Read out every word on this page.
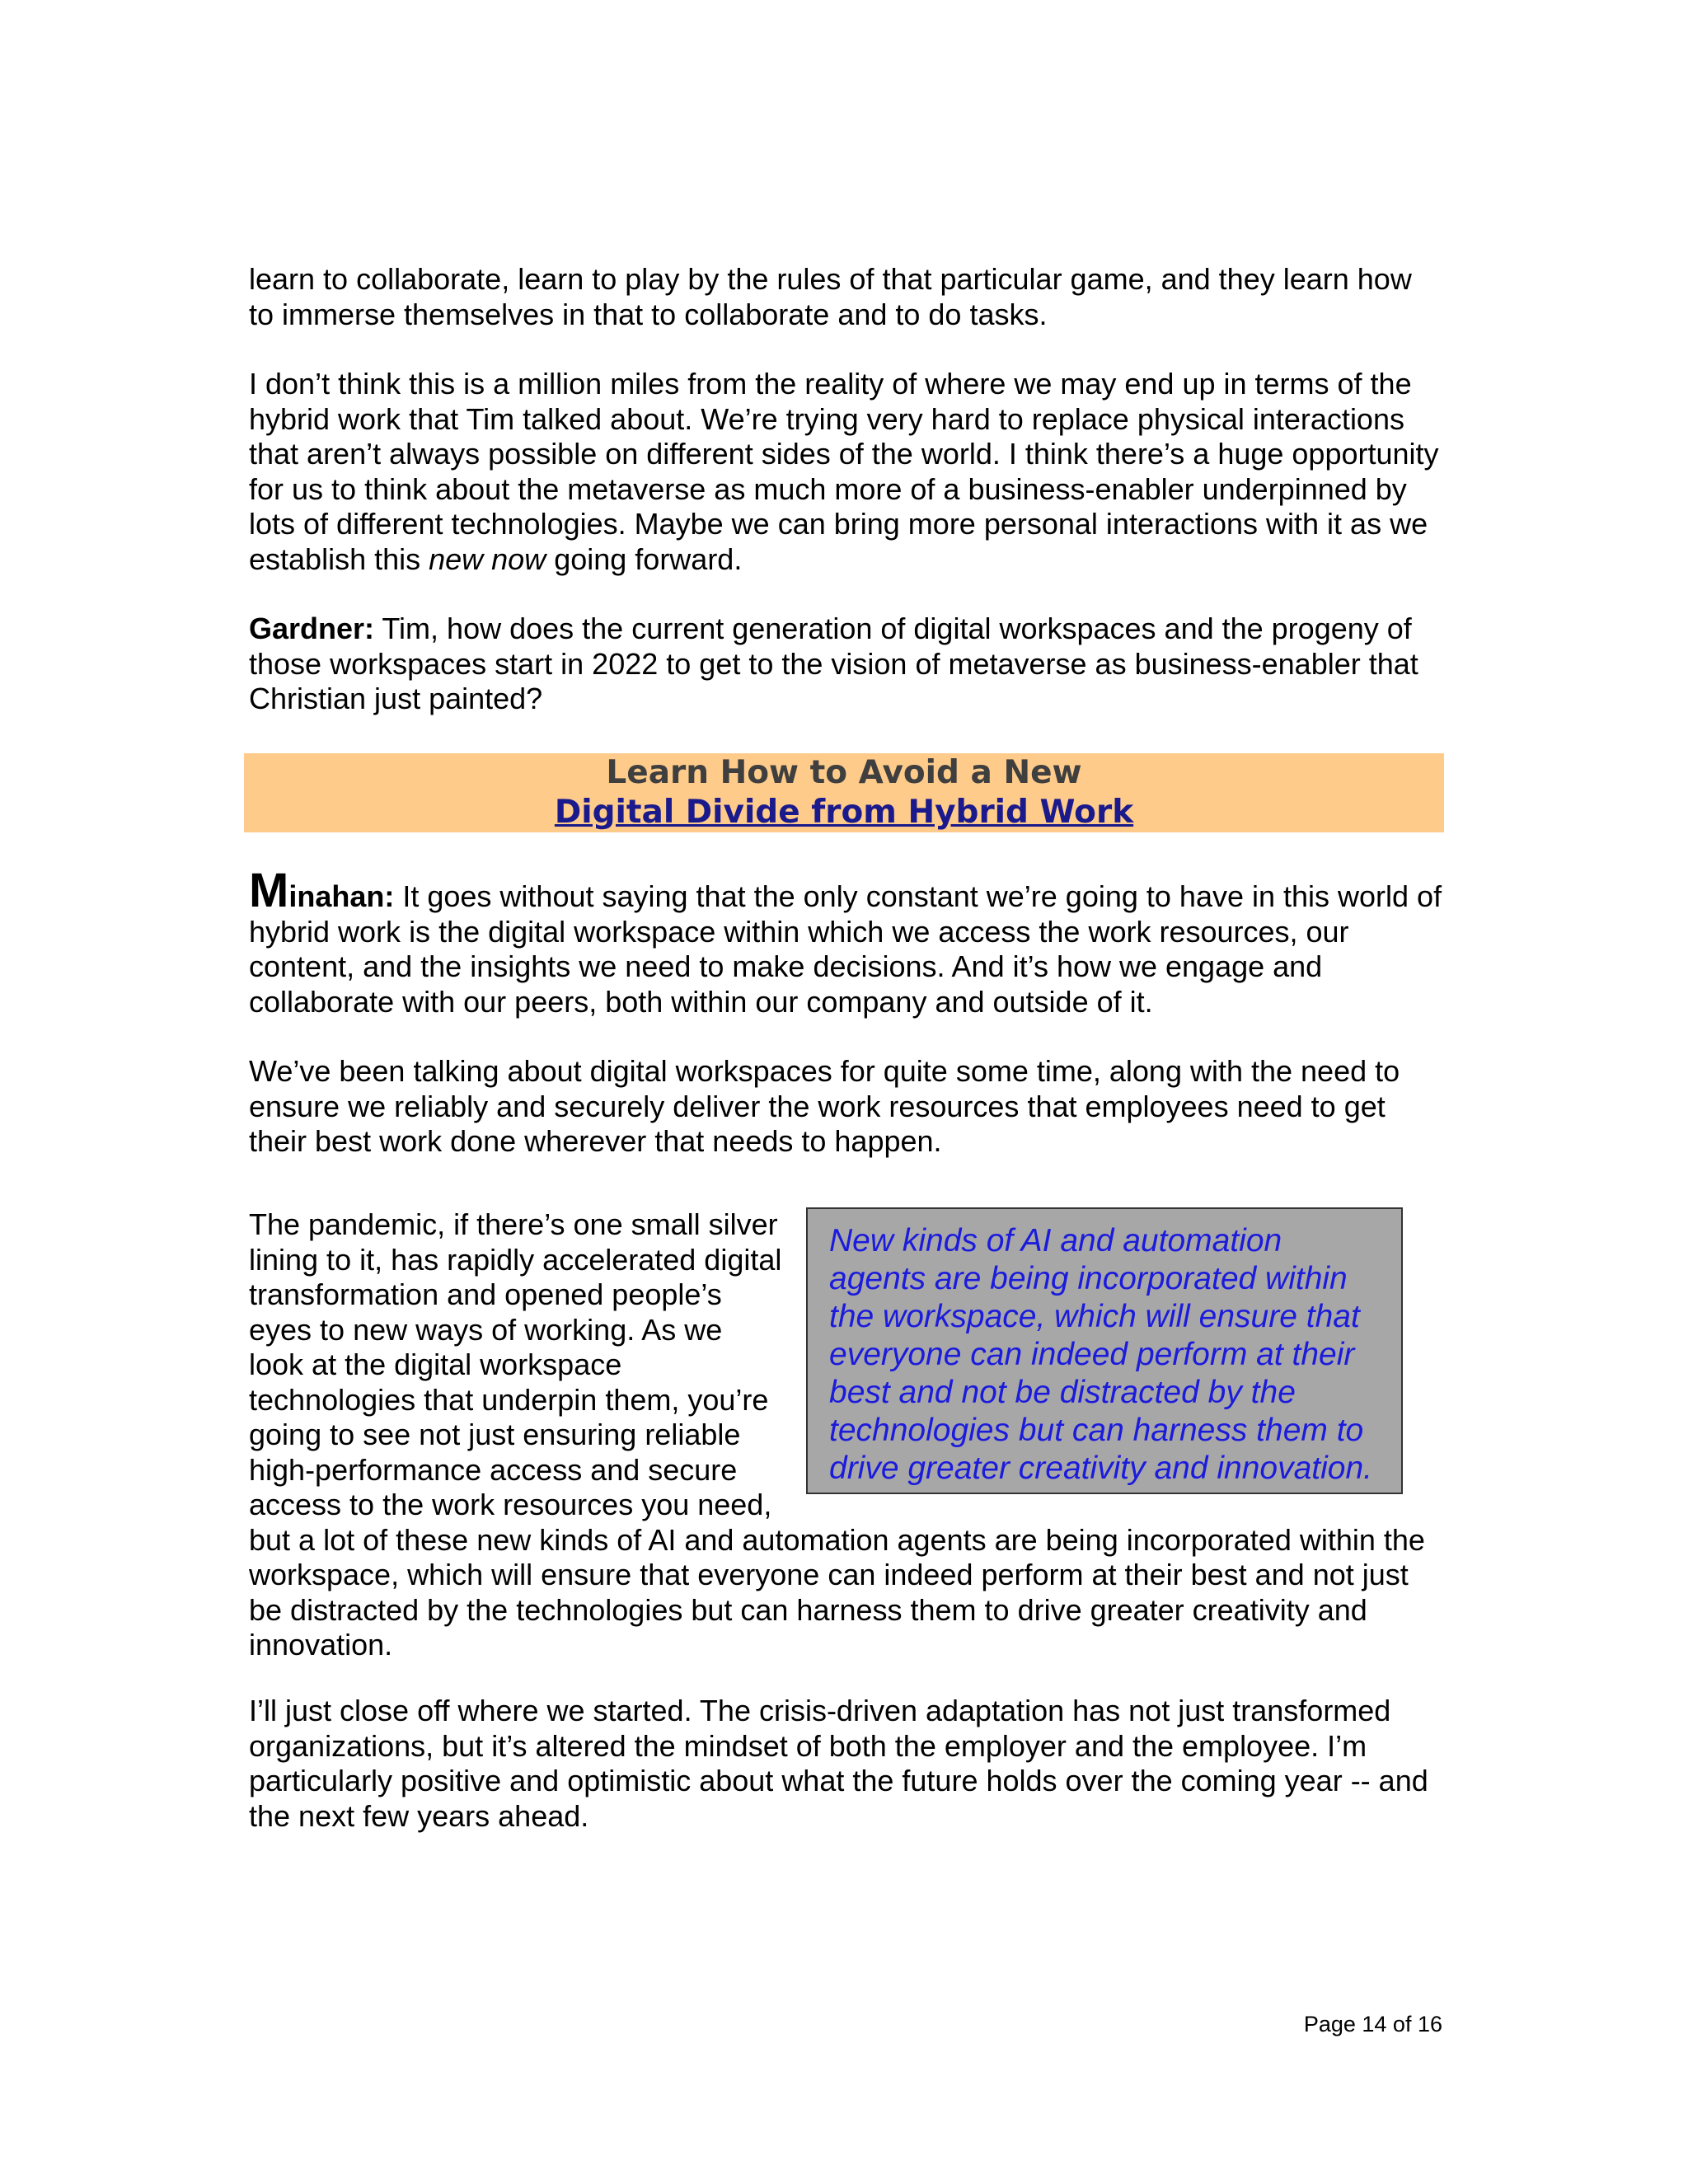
learn to collaborate, learn to play by the rules of that particular game, and they learn how to immerse themselves in that to collaborate and to do tasks.

I don’t think this is a million miles from the reality of where we may end up in terms of the hybrid work that Tim talked about. We’re trying very hard to replace physical interactions that aren’t always possible on different sides of the world. I think there’s a huge opportunity for us to think about the metaverse as much more of a business-enabler underpinned by lots of different technologies. Maybe we can bring more personal interactions with it as we establish this new now going forward.

Gardner: Tim, how does the current generation of digital workspaces and the progeny of those workspaces start in 2022 to get to the vision of metaverse as business-enabler that Christian just painted?

Learn How to Avoid a New
Digital Divide from Hybrid Work

Minahan: It goes without saying that the only constant we’re going to have in this world of hybrid work is the digital workspace within which we access the work resources, our content, and the insights we need to make decisions. And it’s how we engage and collaborate with our peers, both within our company and outside of it.

We’ve been talking about digital workspaces for quite some time, along with the need to ensure we reliably and securely deliver the work resources that employees need to get their best work done wherever that needs to happen.

New kinds of AI and automation agents are being incorporated within the workspace, which will ensure that everyone can indeed perform at their best and not be distracted by the technologies but can harness them to drive greater creativity and innovation.

The pandemic, if there’s one small silver lining to it, has rapidly accelerated digital transformation and opened people’s eyes to new ways of working. As we look at the digital workspace technologies that underpin them, you’re going to see not just ensuring reliable high-performance access and secure access to the work resources you need, but a lot of these new kinds of AI and automation agents are being incorporated within the workspace, which will ensure that everyone can indeed perform at their best and not just be distracted by the technologies but can harness them to drive greater creativity and innovation.

I’ll just close off where we started. The crisis-driven adaptation has not just transformed organizations, but it’s altered the mindset of both the employer and the employee. I’m particularly positive and optimistic about what the future holds over the coming year -- and the next few years ahead.

Page 14 of 16
